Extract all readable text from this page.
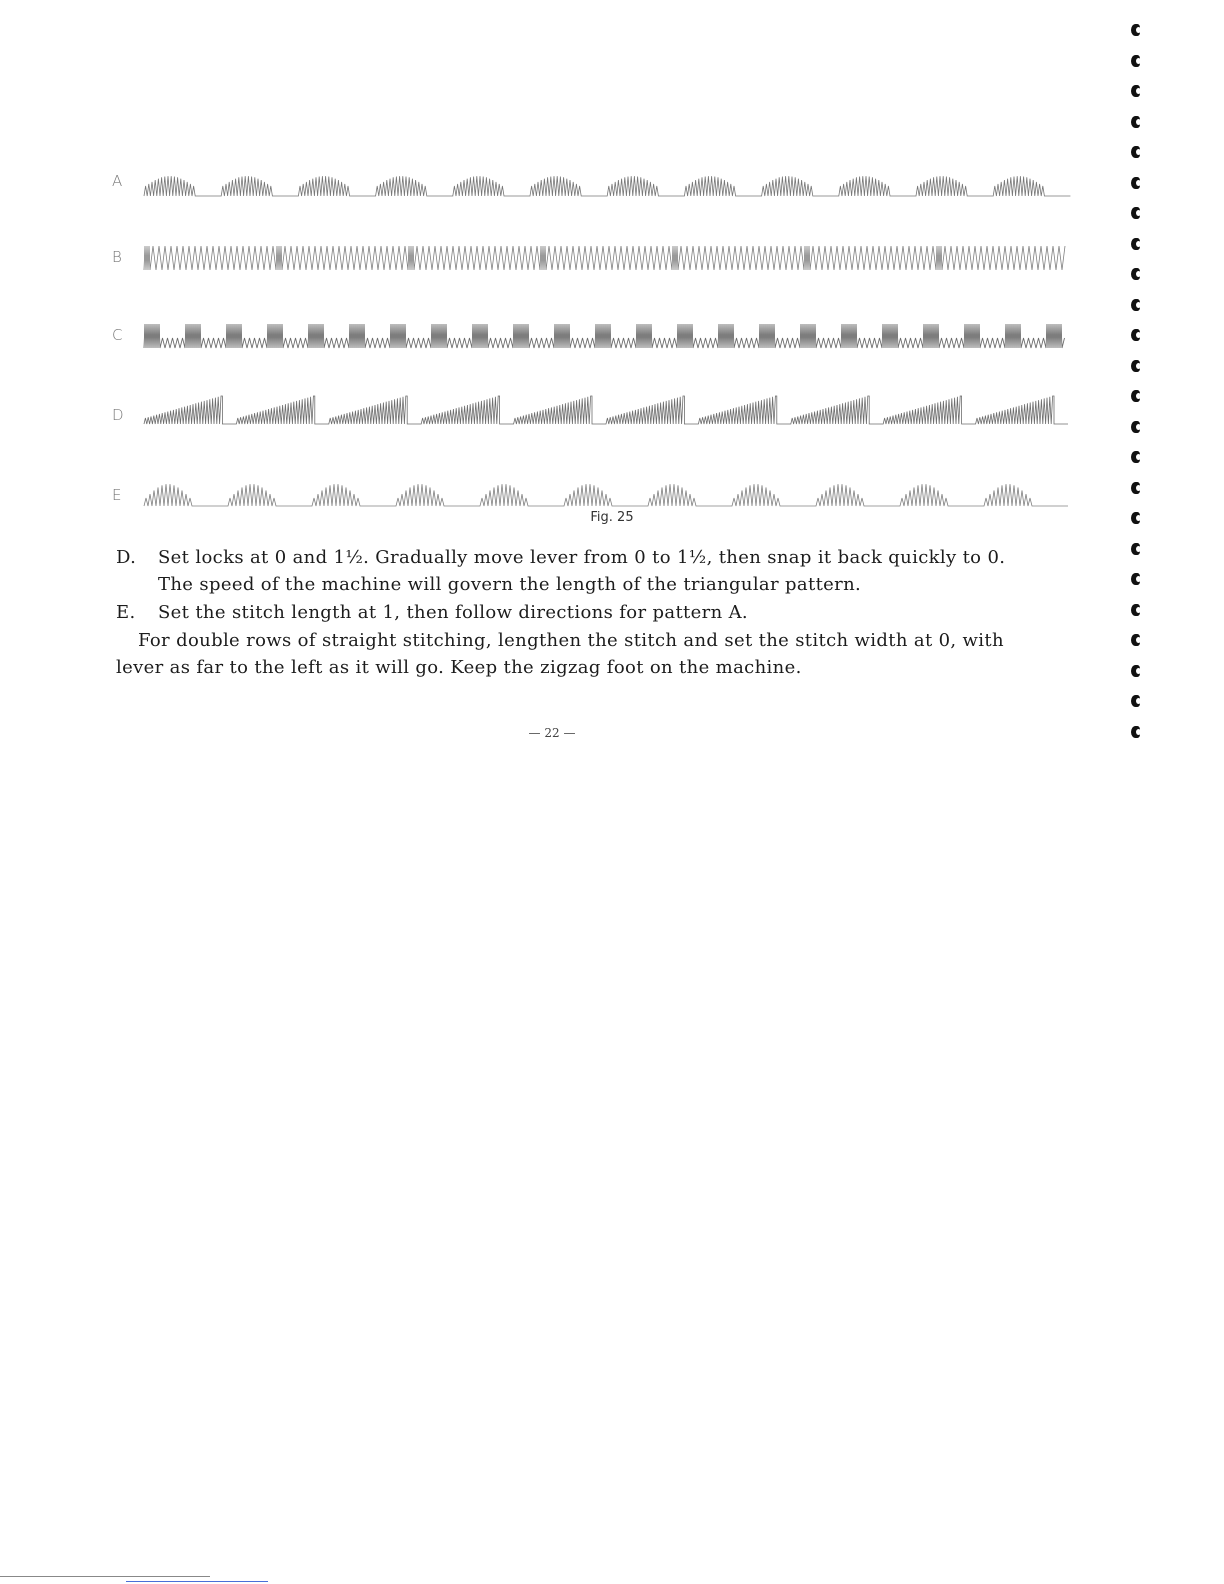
A
B
C
D
E
Fig. 25
D. Set locks at 0 and 1½. Gradually move lever from 0 to 1½, then snap it back quickly to 0. The speed of the machine will govern the length of the triangular pattern.
E. Set the stitch length at 1, then follow directions for pattern A.
For double rows of straight stitching, lengthen the stitch and set the stitch width at 0, with lever as far to the left as it will go. Keep the zigzag foot on the machine.
— 22 —
